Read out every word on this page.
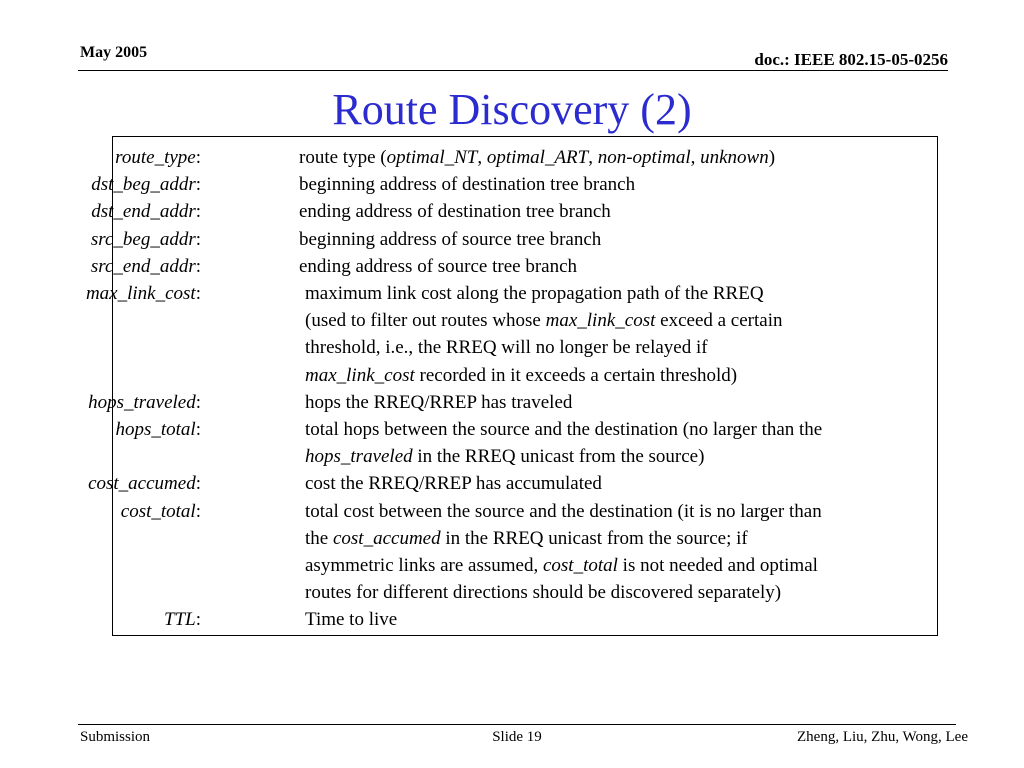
May 2005	doc.: IEEE 802.15-05-0256
Route Discovery (2)
route_type:	route type (optimal_NT, optimal_ART, non-optimal, unknown)
dst_beg_addr:	beginning address of destination tree branch
dst_end_addr:	ending address of destination tree branch
src_beg_addr:	beginning address of source tree branch
src_end_addr:	ending address of source tree branch
max_link_cost:	maximum link cost along the propagation path of the RREQ
(used to filter out routes whose max_link_cost exceed a certain
threshold, i.e., the RREQ will no longer be relayed if
max_link_cost recorded in it exceeds a certain threshold)
hops_traveled:	hops the RREQ/RREP has traveled
hops_total:	total hops between the source and the destination (no larger than the
hops_traveled in the RREQ unicast from the source)
cost_accumed:	cost the RREQ/RREP has accumulated
cost_total:	total cost between the source and the destination (it is no larger than
the cost_accumed in the RREQ unicast from the source; if
asymmetric links are assumed, cost_total is not needed and optimal
routes for different directions should be discovered separately)
TTL:	Time to live
Submission	Slide 19	Zheng, Liu, Zhu, Wong, Lee
